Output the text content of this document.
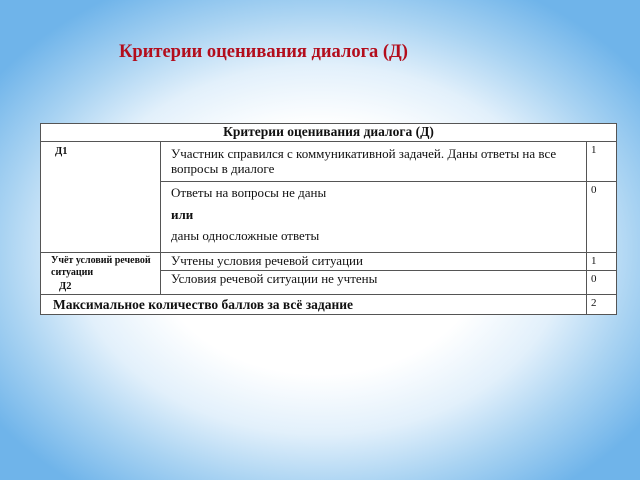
Критерии оценивания диалога (Д)
Критерии оценивания диалога (Д)		
Д1	Участник справился с коммуникативной задачей. Даны ответы на все вопросы в диалоге	1

	Ответы на вопросы не даны

или

даны односложные ответы	0
Учёт условий речевой ситуации
Д2	Учтены условия речевой ситуации	1
	Условия речевой ситуации не учтены	0
Максимальное количество баллов за всё задание		2
